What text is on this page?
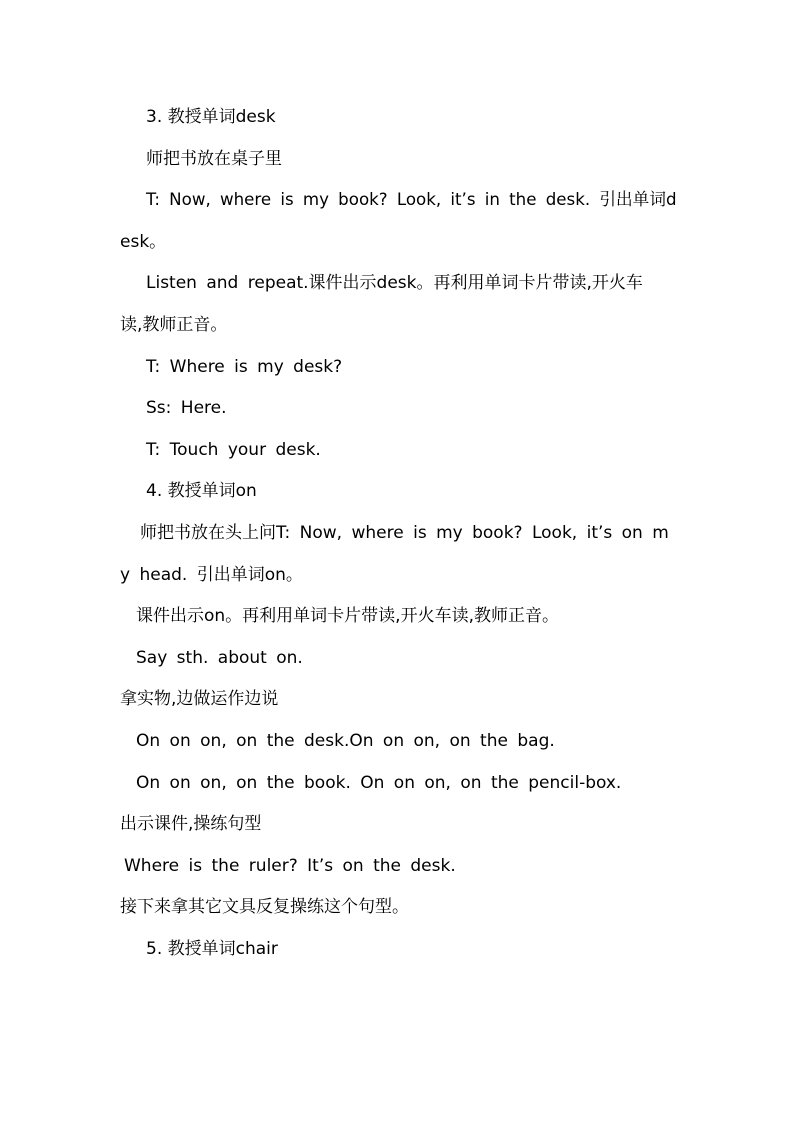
3. 教授单词desk

师把书放在桌子里

T: Now, where is my book? Look, it’s in the desk. 引出单词d

esk。

Listen and repeat.课件出示desk。再利用单词卡片带读,开火车

读,教师正音。

T: Where is my desk?

Ss: Here.

T: Touch your desk.

4. 教授单词on

师把书放在头上问T: Now, where is my book? Look, it’s on m

y head. 引出单词on。

课件出示on。再利用单词卡片带读,开火车读,教师正音。

Say sth. about on.

拿实物,边做运作边说

On on on, on the desk.On on on, on the bag.

On on on, on the book. On on on, on the pencil-box.

出示课件,操练句型

Where is the ruler? It’s on the desk.

接下来拿其它文具反复操练这个句型。

5. 教授单词chair
